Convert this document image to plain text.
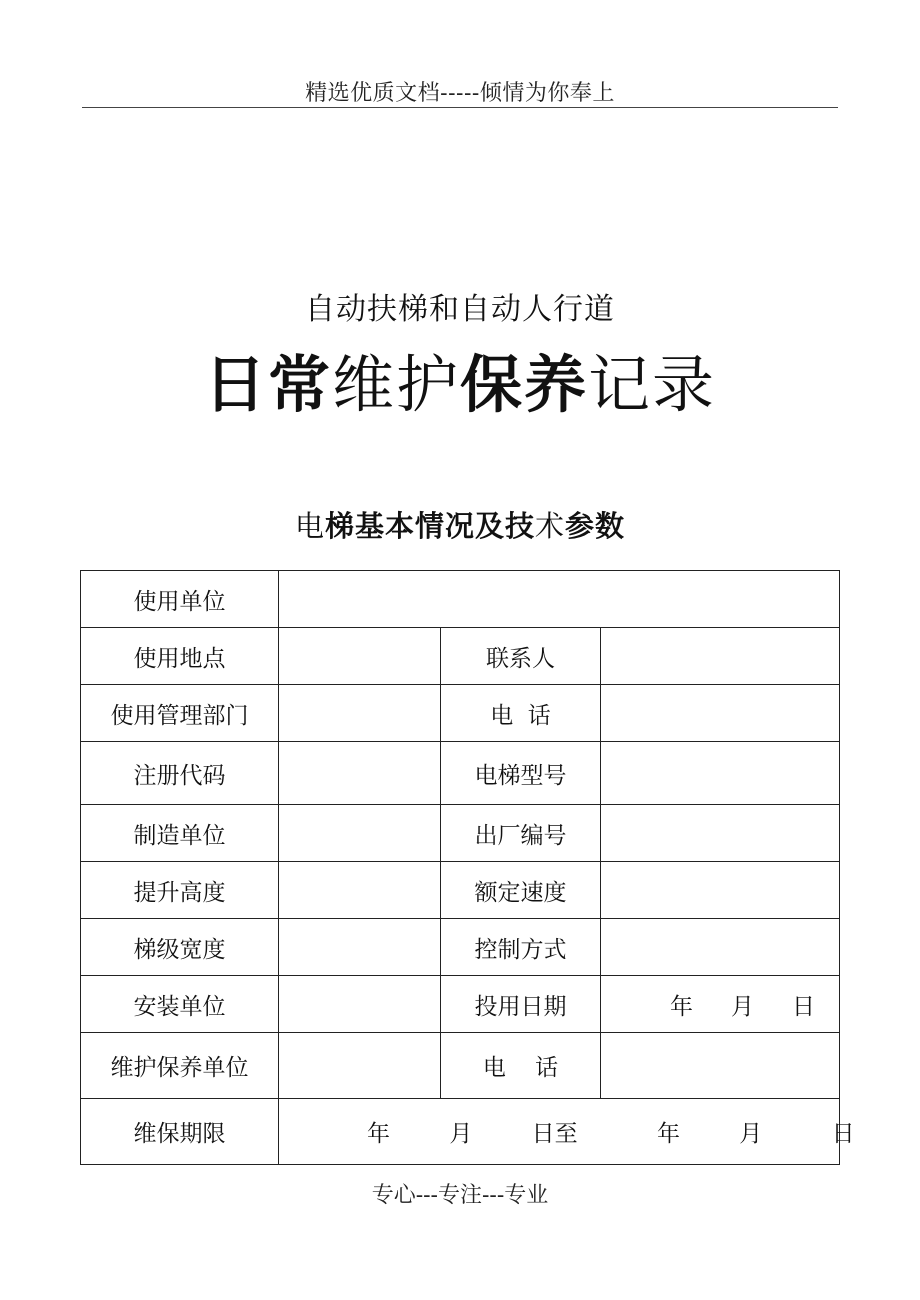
精选优质文档-----倾情为你奉上
自动扶梯和自动人行道
日常维护保养记录
电梯基本情况及技术参数
使用单位			
使用地点		联系人	
使用管理部门		电  话	
注册代码		电梯型号	
制造单位		出厂编号	
提升高度		额定速度	
梯级宽度		控制方式	
安装单位		投用日期	年 月 日

维护保养单位		电    话	
维保期限	年 月 日至 年 月 日		
专心---专注---专业
